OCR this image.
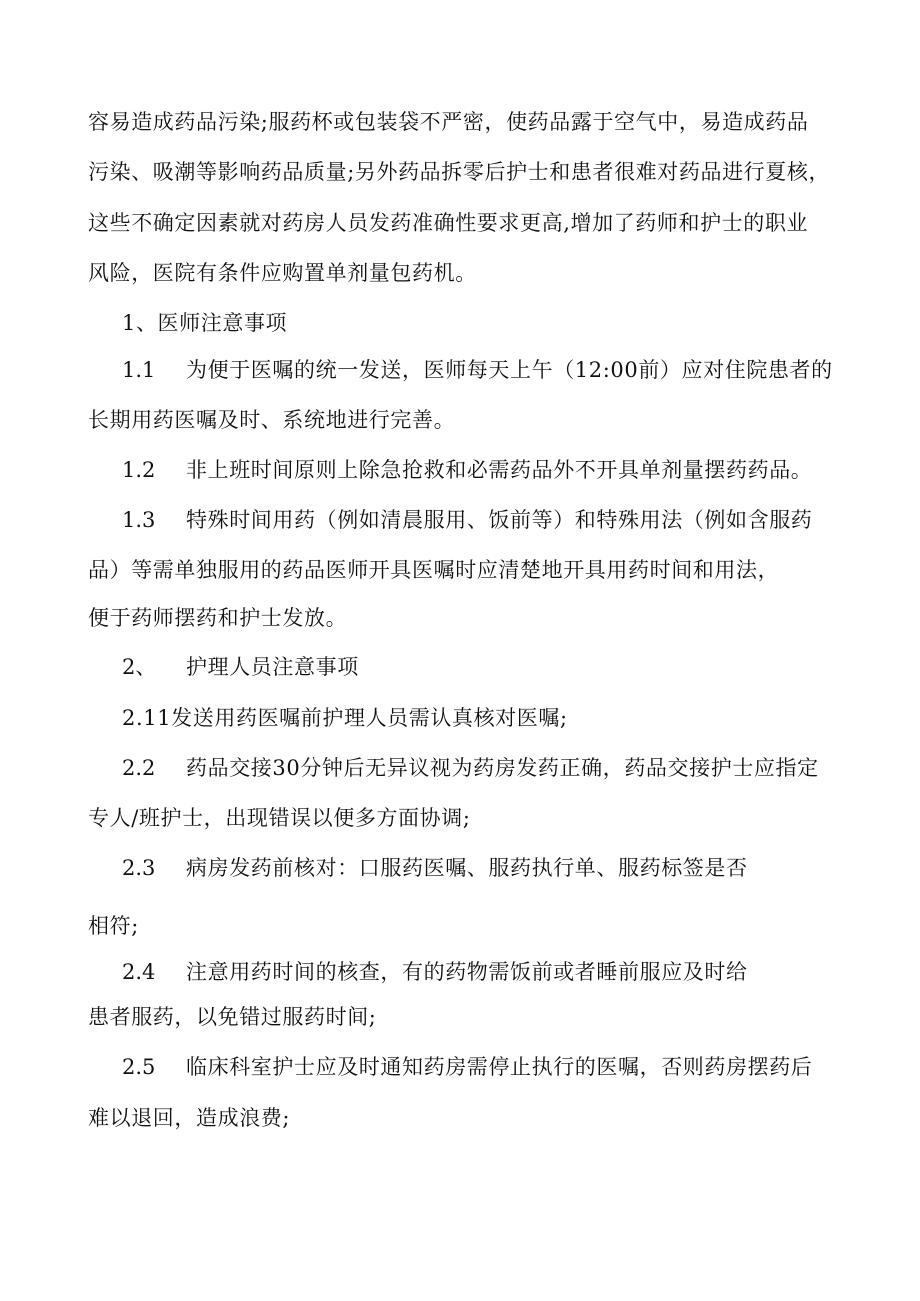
容易造成药品污染;服药杯或包装袋不严密，使药品露于空气中，易造成药品
污染、吸潮等影响药品质量;另外药品拆零后护士和患者很难对药品进行夏核，
这些不确定因素就对药房人员发药准确性要求更高,增加了药师和护士的职业
风险，医院有条件应购置单剂量包药机。
1、医师注意事项
1.1 为便于医嘱的统一发送，医师每天上午（12:00前）应对住院患者的
长期用药医嘱及时、系统地进行完善。
1.2 非上班时间原则上除急抢救和必需药品外不开具单剂量摆药药品。
1.3 特殊时间用药（例如清晨服用、饭前等）和特殊用法（例如含服药
品）等需单独服用的药品医师开具医嘱时应清楚地开具用药时间和用法，
便于药师摆药和护士发放。
2、 护理人员注意事项
2.11发送用药医嘱前护理人员需认真核对医嘱;
2.2 药品交接30分钟后无异议视为药房发药正确，药品交接护士应指定
专人/班护士，出现错误以便多方面协调;
2.3 病房发药前核对：口服药医嘱、服药执行单、服药标签是否
相符;
2.4 注意用药时间的核查，有的药物需饭前或者睡前服应及时给
患者服药，以免错过服药时间;
2.5 临床科室护士应及时通知药房需停止执行的医嘱，否则药房摆药后
难以退回，造成浪费;
